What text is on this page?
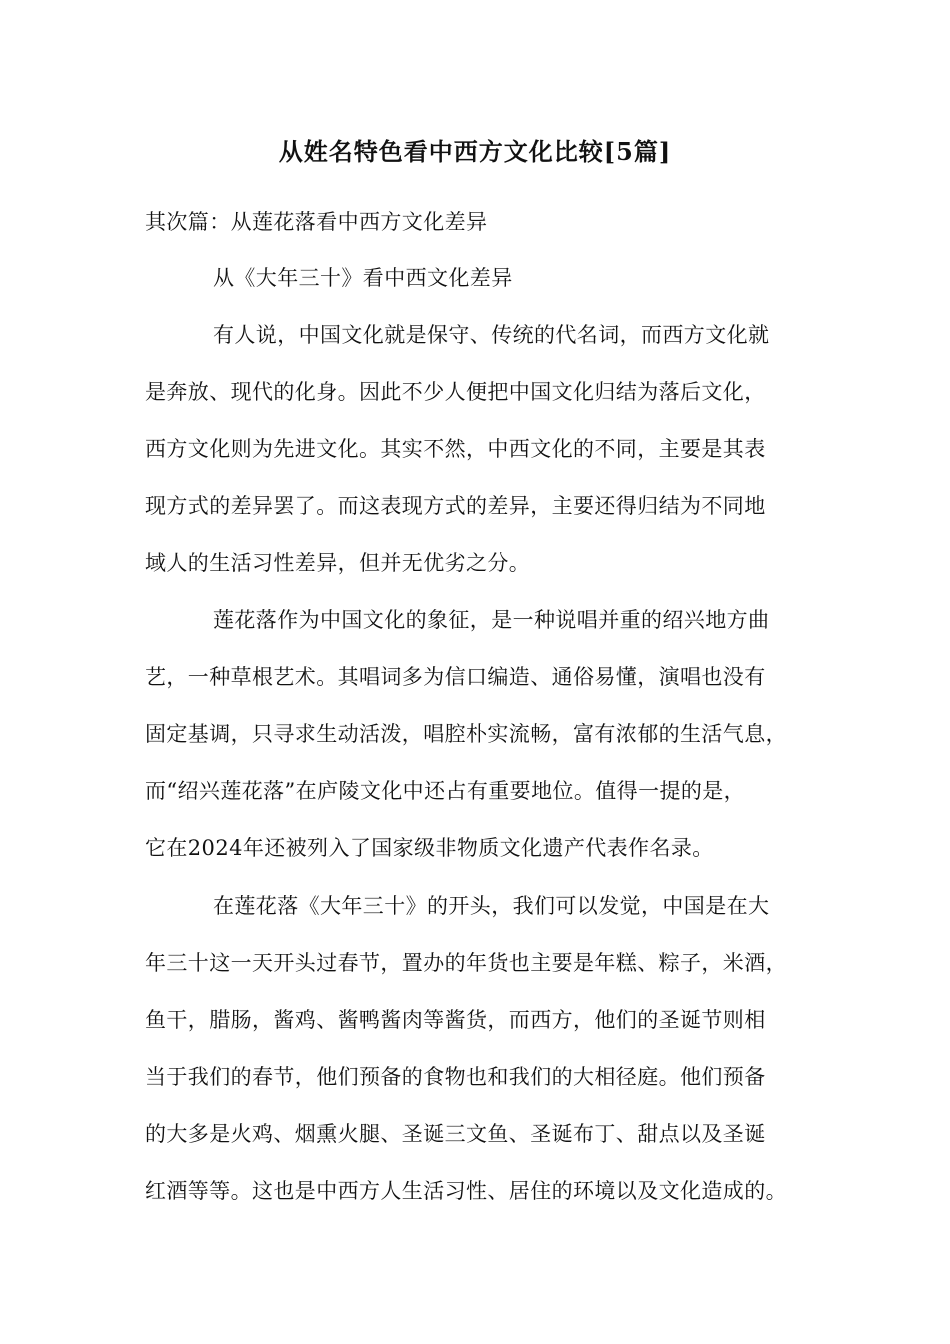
从姓名特色看中西方文化比较[5篇]
其次篇：从莲花落看中西方文化差异
从《大年三十》看中西文化差异
有人说，中国文化就是保守、传统的代名词，而西方文化就
是奔放、现代的化身。因此不少人便把中国文化归结为落后文化，
西方文化则为先进文化。其实不然，中西文化的不同，主要是其表
现方式的差异罢了。而这表现方式的差异，主要还得归结为不同地
域人的生活习性差异，但并无优劣之分。
莲花落作为中国文化的象征，是一种说唱并重的绍兴地方曲
艺，一种草根艺术。其唱词多为信口编造、通俗易懂，演唱也没有
固定基调，只寻求生动活泼，唱腔朴实流畅，富有浓郁的生活气息，
而“绍兴莲花落”在庐陵文化中还占有重要地位。值得一提的是，
它在2024年还被列入了国家级非物质文化遗产代表作名录。
在莲花落《大年三十》的开头，我们可以发觉，中国是在大
年三十这一天开头过春节，置办的年货也主要是年糕、粽子，米酒，
鱼干，腊肠，酱鸡、酱鸭酱肉等酱货，而西方，他们的圣诞节则相
当于我们的春节，他们预备的食物也和我们的大相径庭。他们预备
的大多是火鸡、烟熏火腿、圣诞三文鱼、圣诞布丁、甜点以及圣诞
红酒等等。这也是中西方人生活习性、居住的环境以及文化造成的。
